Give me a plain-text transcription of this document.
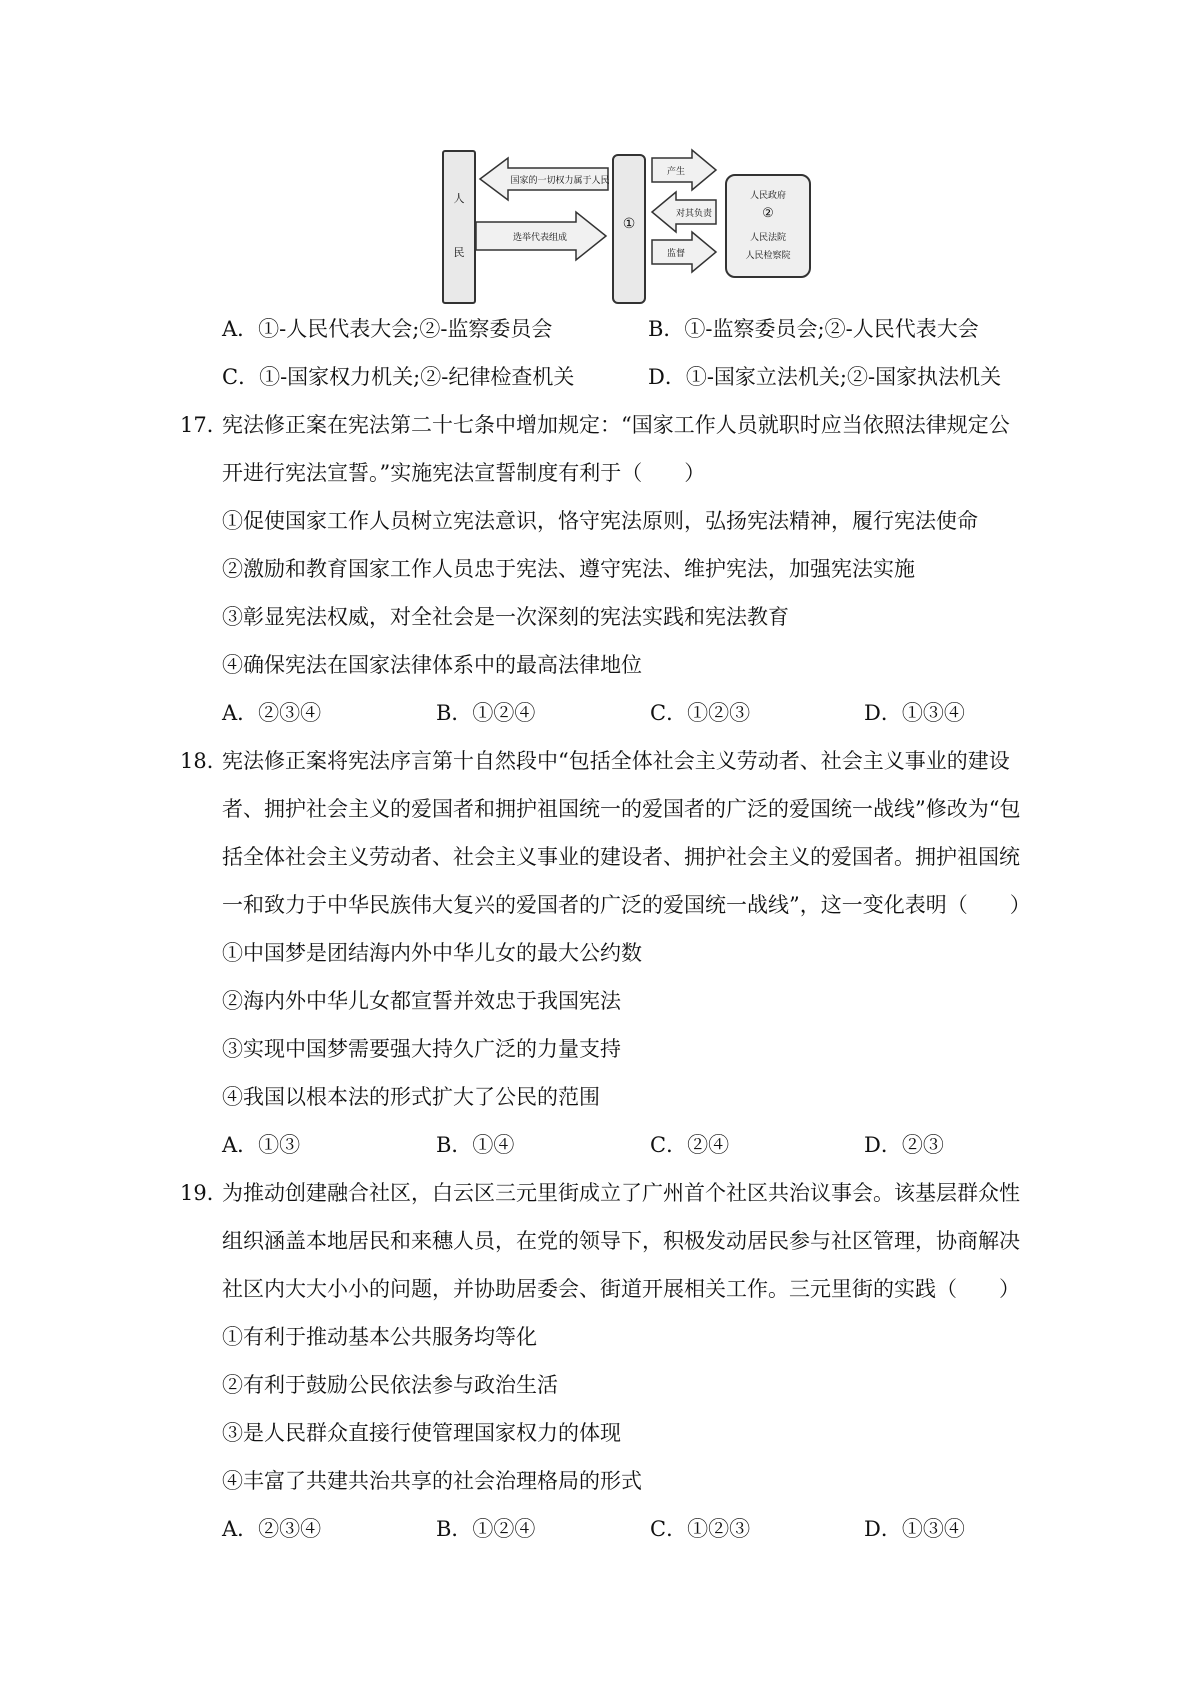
人
民
①
国家的一切权力属于人民
选举代表组成
产生
对其负责
监督
人民政府
②
人民法院
人民检察院
A．①-人民代表大会;②-监察委员会	B．①-监察委员会;②-人民代表大会
C．①-国家权力机关;②-纪律检查机关	D．①-国家立法机关;②-国家执法机关
17．
宪法修正案在宪法第二十七条中增加规定：“国家工作人员就职时应当依照法律规定公
开进行宪法宣誓。”实施宪法宣誓制度有利于（　　）
①促使国家工作人员树立宪法意识，恪守宪法原则，弘扬宪法精神，履行宪法使命
②激励和教育国家工作人员忠于宪法、遵守宪法、维护宪法，加强宪法实施
③彰显宪法权威，对全社会是一次深刻的宪法实践和宪法教育
④确保宪法在国家法律体系中的最高法律地位
A．②③④	B．①②④	C．①②③	D．①③④
18．
宪法修正案将宪法序言第十自然段中“包括全体社会主义劳动者、社会主义事业的建设
者、拥护社会主义的爱国者和拥护祖国统一的爱国者的广泛的爱国统一战线”修改为“包
括全体社会主义劳动者、社会主义事业的建设者、拥护社会主义的爱国者。拥护祖国统
一和致力于中华民族伟大复兴的爱国者的广泛的爱国统一战线”，这一变化表明（　　）
①中国梦是团结海内外中华儿女的最大公约数
②海内外中华儿女都宣誓并效忠于我国宪法
③实现中国梦需要强大持久广泛的力量支持
④我国以根本法的形式扩大了公民的范围
A．①③	B．①④	C．②④	D．②③
19．
为推动创建融合社区，白云区三元里街成立了广州首个社区共治议事会。该基层群众性
组织涵盖本地居民和来穗人员，在党的领导下，积极发动居民参与社区管理，协商解决
社区内大大小小的问题，并协助居委会、街道开展相关工作。三元里街的实践（　　）
①有利于推动基本公共服务均等化
②有利于鼓励公民依法参与政治生活
③是人民群众直接行使管理国家权力的体现
④丰富了共建共治共享的社会治理格局的形式
A．②③④	B．①②④	C．①②③	D．①③④
